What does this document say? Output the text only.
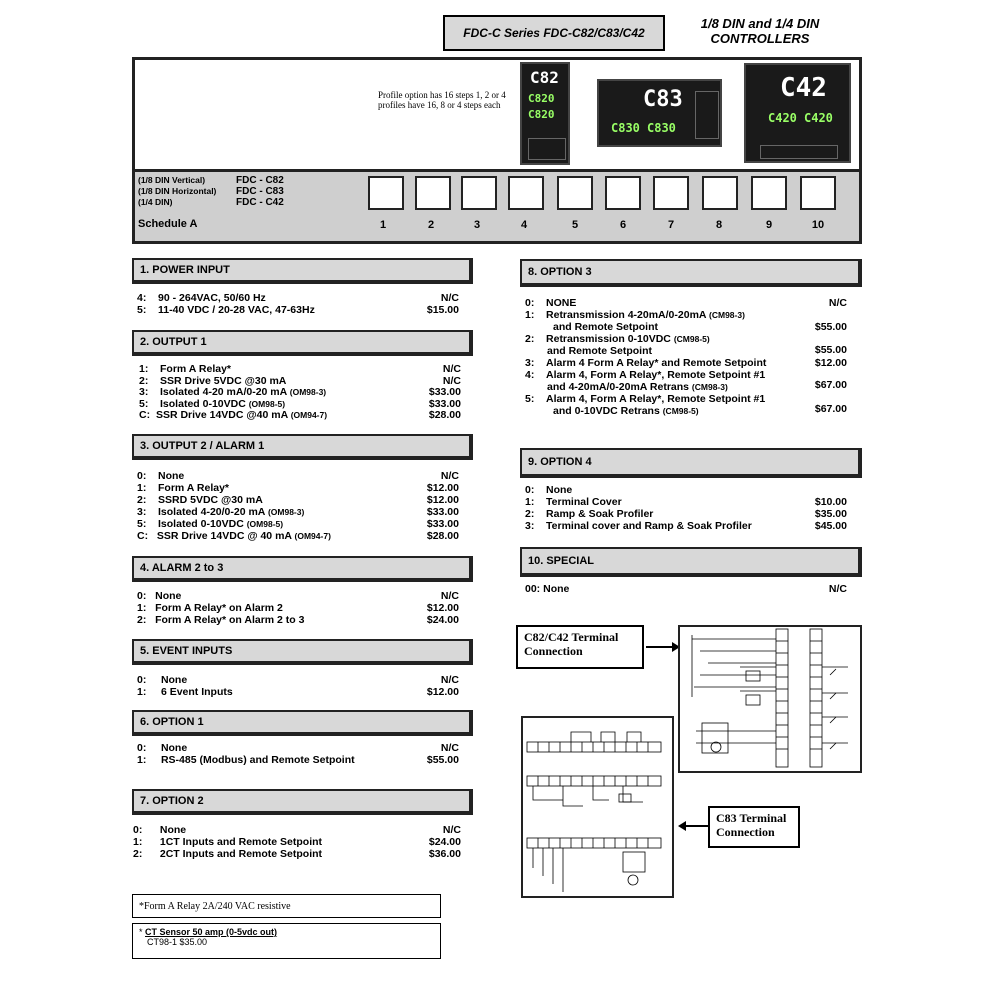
FDC-C Series FDC-C82/C83/C42
1/8 DIN and 1/4 DIN
CONTROLLERS
Profile option has 16 steps 1, 2 or 4 profiles have 16, 8 or 4 steps each
C82
C820
C820
C83
C830 C830
C42
C420 C420
(1/8 DIN Vertical)	FDC - C82
(1/8 DIN Horizontal) FDC - C83
(1/4 DIN)	FDC - C42
Schedule A	1	2	3	4	5	6	7	8	9	10
1. POWER INPUT
4: 90 - 264VAC, 50/60 Hz	N/C
5: 11-40 VDC / 20-28 VAC, 47-63Hz	$15.00
2. OUTPUT 1
1: Form A Relay*	N/C
2: SSR Drive 5VDC @30 mA	N/C
3: Isolated 4-20 mA/0-20 mA (OM98-3)	$33.00
5: Isolated 0-10VDC (OM98-5)	$33.00
C: SSR Drive 14VDC @40 mA (OM94-7)	$28.00
3. OUTPUT 2 / ALARM 1
0: None	N/C
1: Form A Relay*	$12.00
2: SSRD 5VDC @30 mA	$12.00
3: Isolated 4-20/0-20 mA (OM98-3)	$33.00
5: Isolated 0-10VDC (OM98-5)	$33.00
C: SSR Drive 14VDC @ 40 mA (OM94-7)	$28.00
4. ALARM 2 to 3
0: None	N/C
1: Form A Relay* on Alarm 2	$12.00
2: Form A Relay* on Alarm 2 to 3	$24.00
5. EVENT INPUTS
0: None	N/C
1: 6 Event Inputs	$12.00
6. OPTION 1
0: None	N/C
1: RS-485 (Modbus) and Remote Setpoint	$55.00
7. OPTION 2
0: None	N/C
1: 1CT Inputs and Remote Setpoint	$24.00
2: 2CT Inputs and Remote Setpoint	$36.00
*Form A Relay 2A/240 VAC resistive
* CT Sensor 50 amp (0-5vdc out)
CT98-1 $35.00
8. OPTION 3
0: NONE	N/C
1: Retransmission 4-20mA/0-20mA (CM98-3)
and Remote Setpoint	$55.00
2: Retransmission 0-10VDC (CM98-5)
and Remote Setpoint	$55.00
3: Alarm 4 Form A Relay* and Remote Setpoint	$12.00
4: Alarm 4, Form A Relay*, Remote Setpoint #1
and 4-20mA/0-20mA Retrans (CM98-3)	$67.00
5: Alarm 4, Form A Relay*, Remote Setpoint #1
and 0-10VDC Retrans (CM98-5)	$67.00
9. OPTION 4
0: None
1: Terminal Cover	$10.00
2: Ramp & Soak Profiler	$35.00
3: Terminal cover and Ramp & Soak Profiler	$45.00
10. SPECIAL
00: None	N/C
C82/C42 Terminal
Connection
C83 Terminal
Connection
